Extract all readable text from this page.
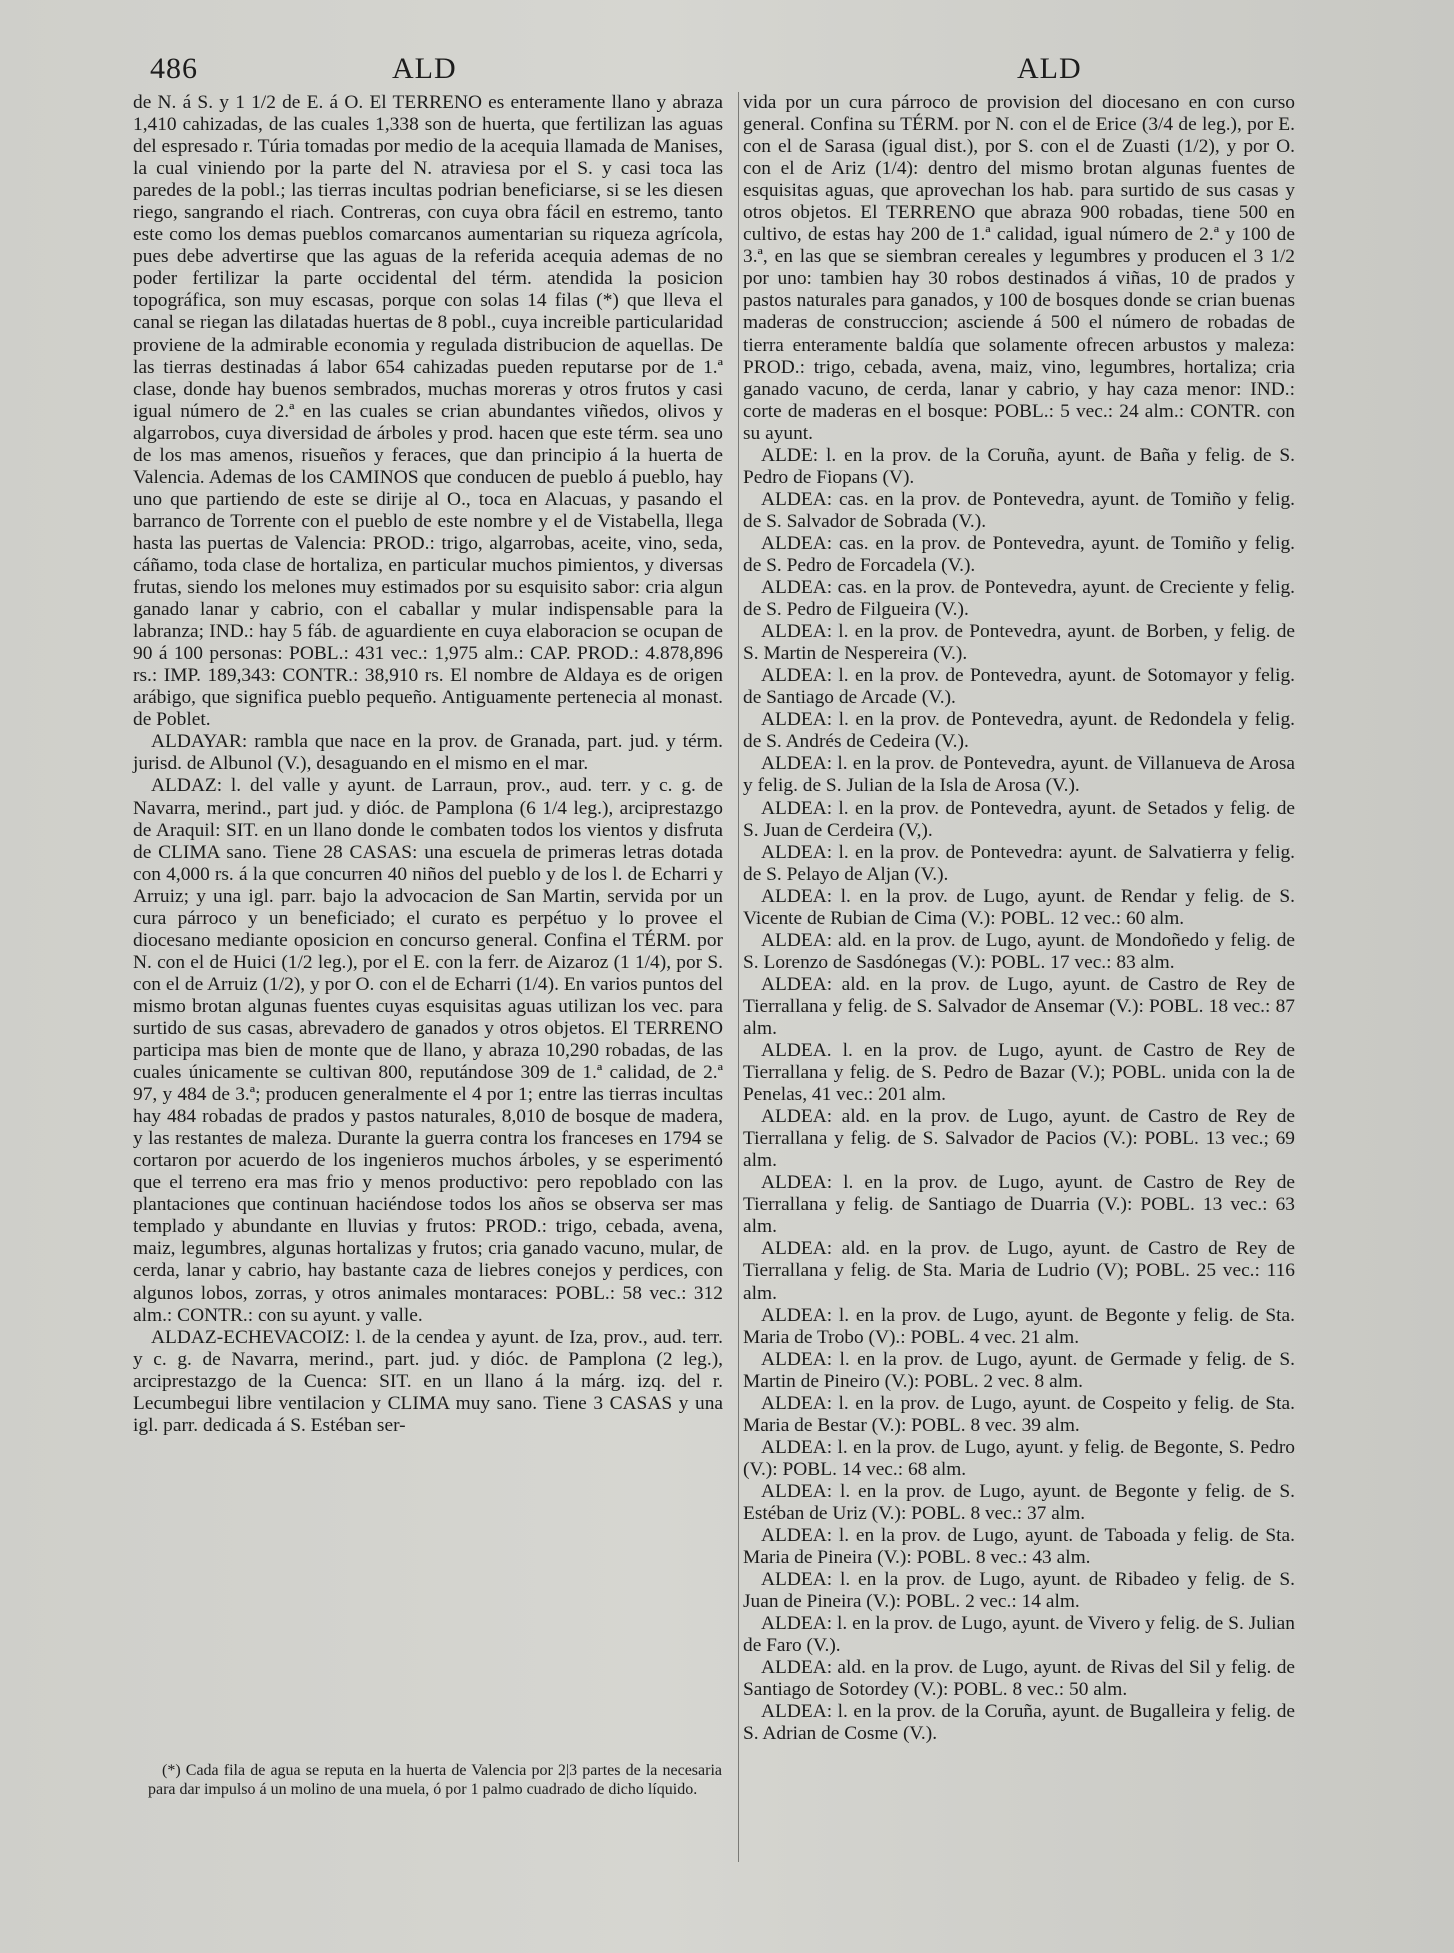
486	ALD	ALD

de N. á S. y 1 1/2 de E. á O. El TERRENO es enteramente llano y abraza 1,410 cahizadas, de las cuales 1,338 son de huerta, que fertilizan las aguas del espresado r. Túria tomadas por medio de la acequia llamada de Manises, la cual viniendo por la parte del N. atraviesa por el S. y casi toca las paredes de la pobl.; las tierras incultas podrian beneficiarse, si se les diesen riego, sangrando el riach. Contreras, con cuya obra fácil en estremo, tanto este como los demas pueblos comarcanos aumentarian su riqueza agrícola, pues debe advertirse que las aguas de la referida acequia ademas de no poder fertilizar la parte occidental del térm. atendida la posicion topográfica, son muy escasas, porque con solas 14 filas (*) que lleva el canal se riegan las dilatadas huertas de 8 pobl., cuya increible particularidad proviene de la admirable economia y regulada distribucion de aquellas. De las tierras destinadas á labor 654 cahizadas pueden reputarse por de 1.ª clase, donde hay buenos sembrados, muchas moreras y otros frutos y casi igual número de 2.ª en las cuales se crian abundantes viñedos, olivos y algarrobos, cuya diversidad de árboles y prod. hacen que este térm. sea uno de los mas amenos, risueños y feraces, que dan principio á la huerta de Valencia. Ademas de los CAMINOS que conducen de pueblo á pueblo, hay uno que partiendo de este se dirije al O., toca en Alacuas, y pasando el barranco de Torrente con el pueblo de este nombre y el de Vistabella, llega hasta las puertas de Valencia: PROD.: trigo, algarrobas, aceite, vino, seda, cáñamo, toda clase de hortaliza, en particular muchos pimientos, y diversas frutas, siendo los melones muy estimados por su esquisito sabor: cria algun ganado lanar y cabrio, con el caballar y mular indispensable para la labranza; IND.: hay 5 fáb. de aguardiente en cuya elaboracion se ocupan de 90 á 100 personas: POBL.: 431 vec.: 1,975 alm.: CAP. PROD.: 4.878,896 rs.: IMP. 189,343: CONTR.: 38,910 rs. El nombre de Aldaya es de origen arábigo, que significa pueblo pequeño. Antiguamente pertenecia al monast. de Poblet.

ALDAYAR: rambla que nace en la prov. de Granada, part. jud. y térm. jurisd. de Albunol (V.), desaguando en el mismo en el mar.

ALDAZ: l. del valle y ayunt. de Larraun, prov., aud. terr. y c. g. de Navarra, merind., part jud. y dióc. de Pamplona (6 1/4 leg.), arciprestazgo de Araquil: SIT. en un llano donde le combaten todos los vientos y disfruta de CLIMA sano. Tiene 28 CASAS: una escuela de primeras letras dotada con 4,000 rs. á la que concurren 40 niños del pueblo y de los l. de Echarri y Arruiz; y una igl. parr. bajo la advocacion de San Martin, servida por un cura párroco y un beneficiado; el curato es perpétuo y lo provee el diocesano mediante oposicion en concurso general. Confina el TÉRM. por N. con el de Huici (1/2 leg.), por el E. con la ferr. de Aizaroz (1 1/4), por S. con el de Arruiz (1/2), y por O. con el de Echarri (1/4). En varios puntos del mismo brotan algunas fuentes cuyas esquisitas aguas utilizan los vec. para surtido de sus casas, abrevadero de ganados y otros objetos. El TERRENO participa mas bien de monte que de llano, y abraza 10,290 robadas, de las cuales únicamente se cultivan 800, reputándose 309 de 1.ª calidad, de 2.ª 97, y 484 de 3.ª; producen generalmente el 4 por 1; entre las tierras incultas hay 484 robadas de prados y pastos naturales, 8,010 de bosque de madera, y las restantes de maleza. Durante la guerra contra los franceses en 1794 se cortaron por acuerdo de los ingenieros muchos árboles, y se esperimentó que el terreno era mas frio y menos productivo: pero repoblado con las plantaciones que continuan haciéndose todos los años se observa ser mas templado y abundante en lluvias y frutos: PROD.: trigo, cebada, avena, maiz, legumbres, algunas hortalizas y frutos; cria ganado vacuno, mular, de cerda, lanar y cabrio, hay bastante caza de liebres conejos y perdices, con algunos lobos, zorras, y otros animales montaraces: POBL.: 58 vec.: 312 alm.: CONTR.: con su ayunt. y valle.

ALDAZ-ECHEVACOIZ: l. de la cendea y ayunt. de Iza, prov., aud. terr. y c. g. de Navarra, merind., part. jud. y dióc. de Pamplona (2 leg.), arciprestazgo de la Cuenca: SIT. en un llano á la márg. izq. del r. Lecumbegui libre ventilacion y CLIMA muy sano. Tiene 3 CASAS y una igl. parr. dedicada á S. Estéban ser-

vida por un cura párroco de provision del diocesano en con curso general. Confina su TÉRM. por N. con el de Erice (3/4 de leg.), por E. con el de Sarasa (igual dist.), por S. con el de Zuasti (1/2), y por O. con el de Ariz (1/4): dentro del mismo brotan algunas fuentes de esquisitas aguas, que aprovechan los hab. para surtido de sus casas y otros objetos. El TERRENO que abraza 900 robadas, tiene 500 en cultivo, de estas hay 200 de 1.ª calidad, igual número de 2.ª y 100 de 3.ª, en las que se siembran cereales y legumbres y producen el 3 1/2 por uno: tambien hay 30 robos destinados á viñas, 10 de prados y pastos naturales para ganados, y 100 de bosques donde se crian buenas maderas de construccion; asciende á 500 el número de robadas de tierra enteramente baldía que solamente ofrecen arbustos y maleza: PROD.: trigo, cebada, avena, maiz, vino, legumbres, hortaliza; cria ganado vacuno, de cerda, lanar y cabrio, y hay caza menor: IND.: corte de maderas en el bosque: POBL.: 5 vec.: 24 alm.: CONTR. con su ayunt.

ALDE: l. en la prov. de la Coruña, ayunt. de Baña y felig. de S. Pedro de Fiopans (V).

ALDEA: cas. en la prov. de Pontevedra, ayunt. de Tomiño y felig. de S. Salvador de Sobrada (V.).

ALDEA: cas. en la prov. de Pontevedra, ayunt. de Tomiño y felig. de S. Pedro de Forcadela (V.).

ALDEA: cas. en la prov. de Pontevedra, ayunt. de Creciente y felig. de S. Pedro de Filgueira (V.).

ALDEA: l. en la prov. de Pontevedra, ayunt. de Borben, y felig. de S. Martin de Nespereira (V.).

ALDEA: l. en la prov. de Pontevedra, ayunt. de Sotomayor y felig. de Santiago de Arcade (V.).

ALDEA: l. en la prov. de Pontevedra, ayunt. de Redondela y felig. de S. Andrés de Cedeira (V.).

ALDEA: l. en la prov. de Pontevedra, ayunt. de Villanueva de Arosa y felig. de S. Julian de la Isla de Arosa (V.).

ALDEA: l. en la prov. de Pontevedra, ayunt. de Setados y felig. de S. Juan de Cerdeira (V,).

ALDEA: l. en la prov. de Pontevedra: ayunt. de Salvatierra y felig. de S. Pelayo de Aljan (V.).

ALDEA: l. en la prov. de Lugo, ayunt. de Rendar y felig. de S. Vicente de Rubian de Cima (V.): POBL. 12 vec.: 60 alm.

ALDEA: ald. en la prov. de Lugo, ayunt. de Mondoñedo y felig. de S. Lorenzo de Sasdónegas (V.): POBL. 17 vec.: 83 alm.

ALDEA: ald. en la prov. de Lugo, ayunt. de Castro de Rey de Tierrallana y felig. de S. Salvador de Ansemar (V.): POBL. 18 vec.: 87 alm.

ALDEA. l. en la prov. de Lugo, ayunt. de Castro de Rey de Tierrallana y felig. de S. Pedro de Bazar (V.); POBL. unida con la de Penelas, 41 vec.: 201 alm.

ALDEA: ald. en la prov. de Lugo, ayunt. de Castro de Rey de Tierrallana y felig. de S. Salvador de Pacios (V.): POBL. 13 vec.; 69 alm.

ALDEA: l. en la prov. de Lugo, ayunt. de Castro de Rey de Tierrallana y felig. de Santiago de Duarria (V.): POBL. 13 vec.: 63 alm.

ALDEA: ald. en la prov. de Lugo, ayunt. de Castro de Rey de Tierrallana y felig. de Sta. Maria de Ludrio (V); POBL. 25 vec.: 116 alm.

ALDEA: l. en la prov. de Lugo, ayunt. de Begonte y felig. de Sta. Maria de Trobo (V).: POBL. 4 vec. 21 alm.

ALDEA: l. en la prov. de Lugo, ayunt. de Germade y felig. de S. Martin de Pineiro (V.): POBL. 2 vec. 8 alm.

ALDEA: l. en la prov. de Lugo, ayunt. de Cospeito y felig. de Sta. Maria de Bestar (V.): POBL. 8 vec. 39 alm.

ALDEA: l. en la prov. de Lugo, ayunt. y felig. de Begonte, S. Pedro (V.): POBL. 14 vec.: 68 alm.

ALDEA: l. en la prov. de Lugo, ayunt. de Begonte y felig. de S. Estéban de Uriz (V.): POBL. 8 vec.: 37 alm.

ALDEA: l. en la prov. de Lugo, ayunt. de Taboada y felig. de Sta. Maria de Pineira (V.): POBL. 8 vec.: 43 alm.

ALDEA: l. en la prov. de Lugo, ayunt. de Ribadeo y felig. de S. Juan de Pineira (V.): POBL. 2 vec.: 14 alm.

ALDEA: l. en la prov. de Lugo, ayunt. de Vivero y felig. de S. Julian de Faro (V.).

ALDEA: ald. en la prov. de Lugo, ayunt. de Rivas del Sil y felig. de Santiago de Sotordey (V.): POBL. 8 vec.: 50 alm.

ALDEA: l. en la prov. de la Coruña, ayunt. de Bugalleira y felig. de S. Adrian de Cosme (V.).

(*) Cada fila de agua se reputa en la huerta de Valencia por 2|3 partes de la necesaria para dar impulso á un molino de una muela, ó por 1 palmo cuadrado de dicho líquido.
